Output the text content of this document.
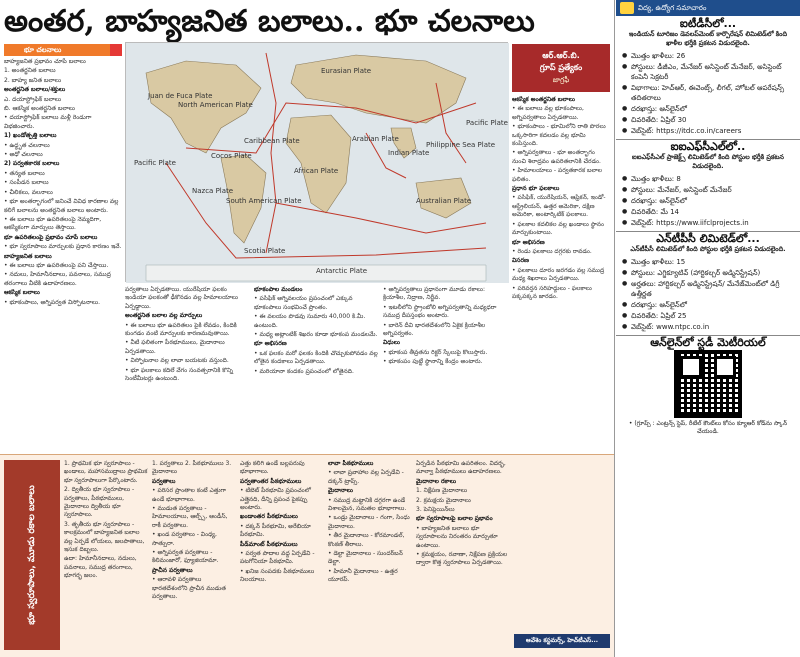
అంతర, బాహ్యజనిత బలాలు.. భూ చలనాలు
భూ చలనాలు

బాహ్యజనిత ప్రభావం చూపే బలాలు

1. అంతర్జనిత బలాలు

2. బాహ్య జనిత బలాలు

అంతర్జనిత బలాలు/శక్తులు

ఎ. దయాస్ట్రోఫిక్ బలాలు

బి. ఆకస్మిక అంతర్జనిత బలాలు

• దయాస్ట్రోఫిక్ బలాలు మళ్లీ రెండుగా విభజించారు.

1) ఖండోత్పత్తి బలాలు

• ఉద్ధృత చలనాలు

• అధో చలనాలు

2) పర్వతకారక బలాలు

• తన్యత బలాలు

• సంపీడన బలాలు

• చీలికలు, వలనాలు

• భూ అంతర్భాగంలో జనించే వివిధ కారణాల వల్ల కలిగే బలాలను అంతర్జనిత బలాలు అంటారు.

• ఈ బలాలు భూ ఉపరితలంపై నెమ్మదిగా, ఆకస్మికంగా మార్పులు తెస్తాయి.

భూ ఉపరితలంపై ప్రభావం చూపే బలాలు

• భూ స్వరూపాలు మార్పులకు ప్రధాన కారణం ఇవే.

బాహ్యజనిత బలాలు

• ఈ బలాలు భూ ఉపరితలంపై పని చేస్తాయి.

• నదులు, హిమానీనదాలు, పవనాలు, సముద్ర తరంగాలు వీటికి ఉదాహరణలు.

ఆకస్మిక బలాలు

• భూకంపాలు, అగ్నిపర్వత విస్ఫోటనాలు.

North American Plate
Eurasian Plate
Pacific Plate
Pacific Plate
African Plate
Arabian Plate
Indian Plate
Philippine Sea Plate
Nazca Plate
South American Plate	Australian Plate
Antarctic Plate
Cocos Plate
Caribbean Plate
Scotia Plate
Juan de Fuca Plate
ఆర్.ఆర్.బి.
గ్రూప్ ప్రత్యేకం
జాగ్రఫీ

ఆకస్మిక అంతర్జనిత బలాలు

• ఈ బలాలు వల్ల భూకంపాలు, అగ్నిపర్వతాలు ఏర్పడతాయి.

• భూకంపాలు - భూమిలోని రాతి పొరలు ఒక్కసారిగా కదలడం వల్ల భూమి కంపిస్తుంది.

• అగ్నిపర్వతాలు - భూ అంతర్భాగం నుంచి శిలాద్రవం ఉపరితలానికి చేరడం.

• హిమాలయాలు - పర్వతకారక బలాల ఫలితం.

ప్రధాన భూ ఫలకాలు

• పసిఫిక్, యురేషియన్, ఆఫ్రికన్, ఇండో-ఆస్ట్రేలియన్, ఉత్తర అమెరికా, దక్షిణ అమెరికా, అంటార్కిటిక్ ఫలకాలు.

• ఫలకాల కదలికల వల్ల ఖండాలు స్థానం మార్చుకుంటాయి.

భూ అభిసరణ

• రెండు ఫలకాలు దగ్గరకు రావడం.

విసరణ

• ఫలకాలు దూరం జరగడం వల్ల సముద్ర మధ్య శిఖరాలు ఏర్పడతాయి.

• పరివర్తన సరిహద్దులు - ఫలకాలు పక్కపక్కన జారడం.

పర్వతాలు ఏర్పడతాయి. యురేషియా ఫలకం ఇండియా ఫలకంతో ఢీకొనడం వల్ల హిమాలయాలు ఏర్పడ్డాయి.

అంతర్జనిత బలాల వల్ల మార్పులు

• ఈ బలాలు భూ ఉపరితలం పైకి లేవడం, కిందికి కుంగడం వంటి మార్పులకు కారణమవుతాయి.

• వీటి ఫలితంగా పీఠభూములు, మైదానాలు ఏర్పడతాయి.

• విస్ఫోటనాల వల్ల లావా బయటకు వస్తుంది.

• భూ ఫలకాలు కదిలే వేగం సంవత్సరానికి కొన్ని సెంటీమీటర్లు ఉంటుంది.

భూకంపాల మండలం

• పసిఫిక్ అగ్నివలయం ప్రపంచంలో ఎక్కువ భూకంపాలు సంభవించే ప్రాంతం.

• ఈ వలయం పొడవు సుమారు 40,000 కి.మీ. ఉంటుంది.

• మధ్య అట్లాంటిక్ శిఖరం కూడా భూకంప మండలమే.

భూ అభిసరణ

• ఒక ఫలకం మరో ఫలకం కిందికి చొచ్చుకుపోవడం వల్ల లోతైన కందకాలు ఏర్పడతాయి.

• మరియానా కందకం ప్రపంచంలో లోతైనది.

• అగ్నిపర్వతాలు ప్రధానంగా మూడు రకాలు: క్రియాశీల, నిద్రాణ, నిర్జీవ.

• ఇటలీలోని స్ట్రాంబోలి అగ్నిపర్వతాన్ని మధ్యధరా సముద్ర దీపస్తంభం అంటారు.

• బారెన్ దీవి భారతదేశంలోని ఏకైక క్రియాశీల అగ్నిపర్వతం.

విధులు

• భూకంప తీవ్రతను రిక్టర్ స్కేలుపై కొలుస్తారు.

• భూకంపం పుట్టే స్థానాన్ని కేంద్రం అంటారు.

భూ స్వరూపాలు, మూడు రకాల బలాలు

1. ప్రాథమిక భూ స్వరూపాలు - ఖండాలు, మహాసముద్రాలు ప్రాథమిక భూ స్వరూపాలుగా పేర్కొంటారు.

2. ద్వితీయ భూ స్వరూపాలు - పర్వతాలు, పీఠభూములు, మైదానాలు ద్వితీయ భూ స్వరూపాలు.

3. తృతీయ భూ స్వరూపాలు - కాలక్రమంలో బాహ్యజనిత బలాల వల్ల ఏర్పడే లోయలు, జలపాతాలు, ఇసుక దిబ్బలు.

ఉదా: హిమానీనదాలు, నదులు, పవనాలు, సముద్ర తరంగాలు, భూగర్భ జలం.

1. పర్వతాలు 2. పీఠభూములు 3. మైదానాలు

పర్వతాలు

• పరిసర ప్రాంతాల కంటే ఎత్తుగా ఉండే భూభాగాలు.

• ముడుత పర్వతాలు - హిమాలయాలు, ఆల్ప్స్, ఆండీస్, రాకీ పర్వతాలు.

• ఖండ పర్వతాలు - వింధ్య, సాత్పురా.

• అగ్నిపర్వత పర్వతాలు - కిలిమంజారో, ఫ్యూజియామా.

ప్రాచీన పర్వతాలు

• ఆరావళి పర్వతాలు భారతదేశంలోని ప్రాచీన ముడుత పర్వతాలు.

ఎత్తు కలిగి ఉండే బల్లపరుపు భూభాగాలు.

పర్వతాంతర పీఠభూములు

• టిబెట్ పీఠభూమి ప్రపంచంలో ఎత్తైనది, దీన్ని ప్రపంచ పైకప్పు అంటారు.

ఖండాంతర పీఠభూములు

• దక్కన్ పీఠభూమి, అరేబియా పీఠభూమి.

పీడ్‌మాంట్ పీఠభూములు

• పర్వత పాదాల వద్ద ఏర్పడేవి - పటగోనియా పీఠభూమి.

• ఖనిజ సంపదకు పీఠభూములు నిలయాలు.

లావా పీఠభూములు

• లావా ప్రవాహాల వల్ల ఏర్పడేవి - దక్కన్ ట్రాప్స్.

మైదానాలు

• సముద్ర మట్టానికి దగ్గరగా ఉండే విశాలమైన, సమతల భూభాగాలు.

• ఒండ్రు మైదానాలు - గంగా, సింధు మైదానాలు.

• తీర మైదానాలు - కోరమాండల్, కొంకణ్ తీరాలు.

• డెల్టా మైదానాలు - సుందర్‌బన్ డెల్టా.

• హిమానీ మైదానాలు - ఉత్తర యూరప్.

ఏర్పడిన పీఠభూమి ఉపరితలం. విదర్భ, మాల్వా పీఠభూములు ఉదాహరణలు.

మైదానాల రకాలు

1. నిక్షేపణ మైదానాలు

2. క్రమక్షయ మైదానాలు

3. పెనిప్లెయిన్‌లు

భూ స్వరూపాలపై బలాల ప్రభావం

• బాహ్యజనిత బలాలు భూ స్వరూపాలను నిరంతరం మార్చుతూ ఉంటాయి.

• క్రమక్షయం, రవాణా, నిక్షేపణ ప్రక్రియల ద్వారా కొత్త స్వరూపాలు ఏర్పడతాయి.

ఆవేశెం కస్టమర్స్, హెచ్‌టీఎస్...
విద్య, ఉద్యోగ సమాచారం
ఐటీడీసీలో...
ఇండియన్ టూరిజం డెవలప్‌మెంట్ కార్పొరేషన్ లిమిటెడ్‌లో కింది ఖాళీల భర్తీకి ప్రకటన విడుదలైంది.
● మొత్తం ఖాళీలు: 26
● పోస్టులు: డీజీఎం, మేనేజర్ అసిస్టెంట్ మేనేజర్, అసిస్టెంట్ కంపెనీ సెక్రటరీ
● విభాగాలు: హెచ్‌ఆర్, ఈవెంట్స్, లీగల్, హోటల్ ఆపరేషన్స్ తదితరాలు
● దరఖాస్తు: ఆన్‌లైన్‌లో
● చివరితేది: ఏప్రిల్ 30
● వెబ్‌సైట్: https://itdc.co.in/careers
ఐఐఎఫ్‌సీఎల్‌లో..
ఐఐఎఫ్‌సీఎల్ ప్రాజెక్ట్స్ లిమిటెడ్‌లో కింది పోస్టుల భర్తీకి ప్రకటన విడుదలైంది.
● మొత్తం ఖాళీలు: 8
● పోస్టులు: మేనేజర్, అసిస్టెంట్ మేనేజర్
● దరఖాస్తు: ఆన్‌లైన్‌లో
● చివరితేది: మే 14
● వెబ్‌సైట్: https://www.iifclprojects.in
ఎన్‌టీపీసీ లిమిటెడ్‌లో...
ఎన్‌టీపీసీ లిమిటెడ్‌లో కింది పోస్టుల భర్తీకి ప్రకటన విడుదలైంది.
● మొత్తం ఖాళీలు: 15
● పోస్టులు: ఎగ్జిక్యూటివ్ (హార్టికల్చర్ అడ్మినిస్ట్రేషన్)
● అర్హతలు: హార్టికల్చర్ అడ్మినిస్ట్రేషన్/ మేనేజ్‌మెంట్‌లో డిగ్రీ ఉత్తీర్ణత
● దరఖాస్తు: ఆన్‌లైన్‌లో
● చివరితేది: ఏప్రిల్ 25
● వెబ్‌సైట్: www.ntpc.co.in
ఆన్‌లైన్‌లో స్టడీ మెటీరియల్
• (గ్రూప్స్ : ఎంట్రన్స్ స్టెప్, రీటేల్ కౌంట్‌లు కోసం క్యూఆర్ కోడ్‌ను స్కాన్ చేయండి.
